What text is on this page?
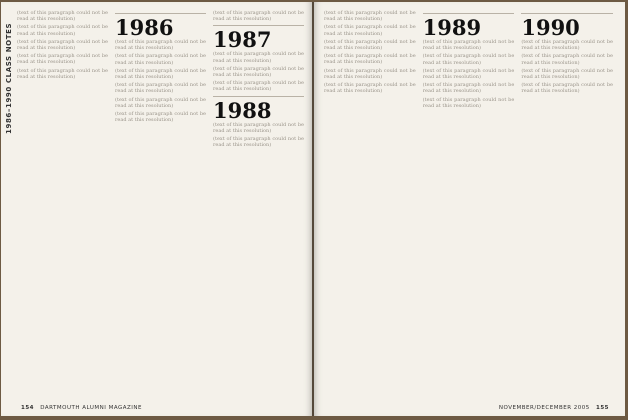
1986–1990 CLASS NOTES

(text of this paragraph could not be read at this resolution)

(text of this paragraph could not be read at this resolution)

(text of this paragraph could not be read at this resolution)

(text of this paragraph could not be read at this resolution)

(text of this paragraph could not be read at this resolution)

1986

(text of this paragraph could not be read at this resolution)

(text of this paragraph could not be read at this resolution)

(text of this paragraph could not be read at this resolution)

(text of this paragraph could not be read at this resolution)

(text of this paragraph could not be read at this resolution)

(text of this paragraph could not be read at this resolution)

(text of this paragraph could not be read at this resolution)

1987

(text of this paragraph could not be read at this resolution)

(text of this paragraph could not be read at this resolution)

(text of this paragraph could not be read at this resolution)

1988

(text of this paragraph could not be read at this resolution)

(text of this paragraph could not be read at this resolution)

154 DARTMOUTH ALUMNI MAGAZINE

(text of this paragraph could not be read at this resolution)

(text of this paragraph could not be read at this resolution)

(text of this paragraph could not be read at this resolution)

(text of this paragraph could not be read at this resolution)

(text of this paragraph could not be read at this resolution)

(text of this paragraph could not be read at this resolution)

1989

(text of this paragraph could not be read at this resolution)

(text of this paragraph could not be read at this resolution)

(text of this paragraph could not be read at this resolution)

(text of this paragraph could not be read at this resolution)

(text of this paragraph could not be read at this resolution)

1990

(text of this paragraph could not be read at this resolution)

(text of this paragraph could not be read at this resolution)

(text of this paragraph could not be read at this resolution)

(text of this paragraph could not be read at this resolution)

NOVEMBER/DECEMBER 2005 155
